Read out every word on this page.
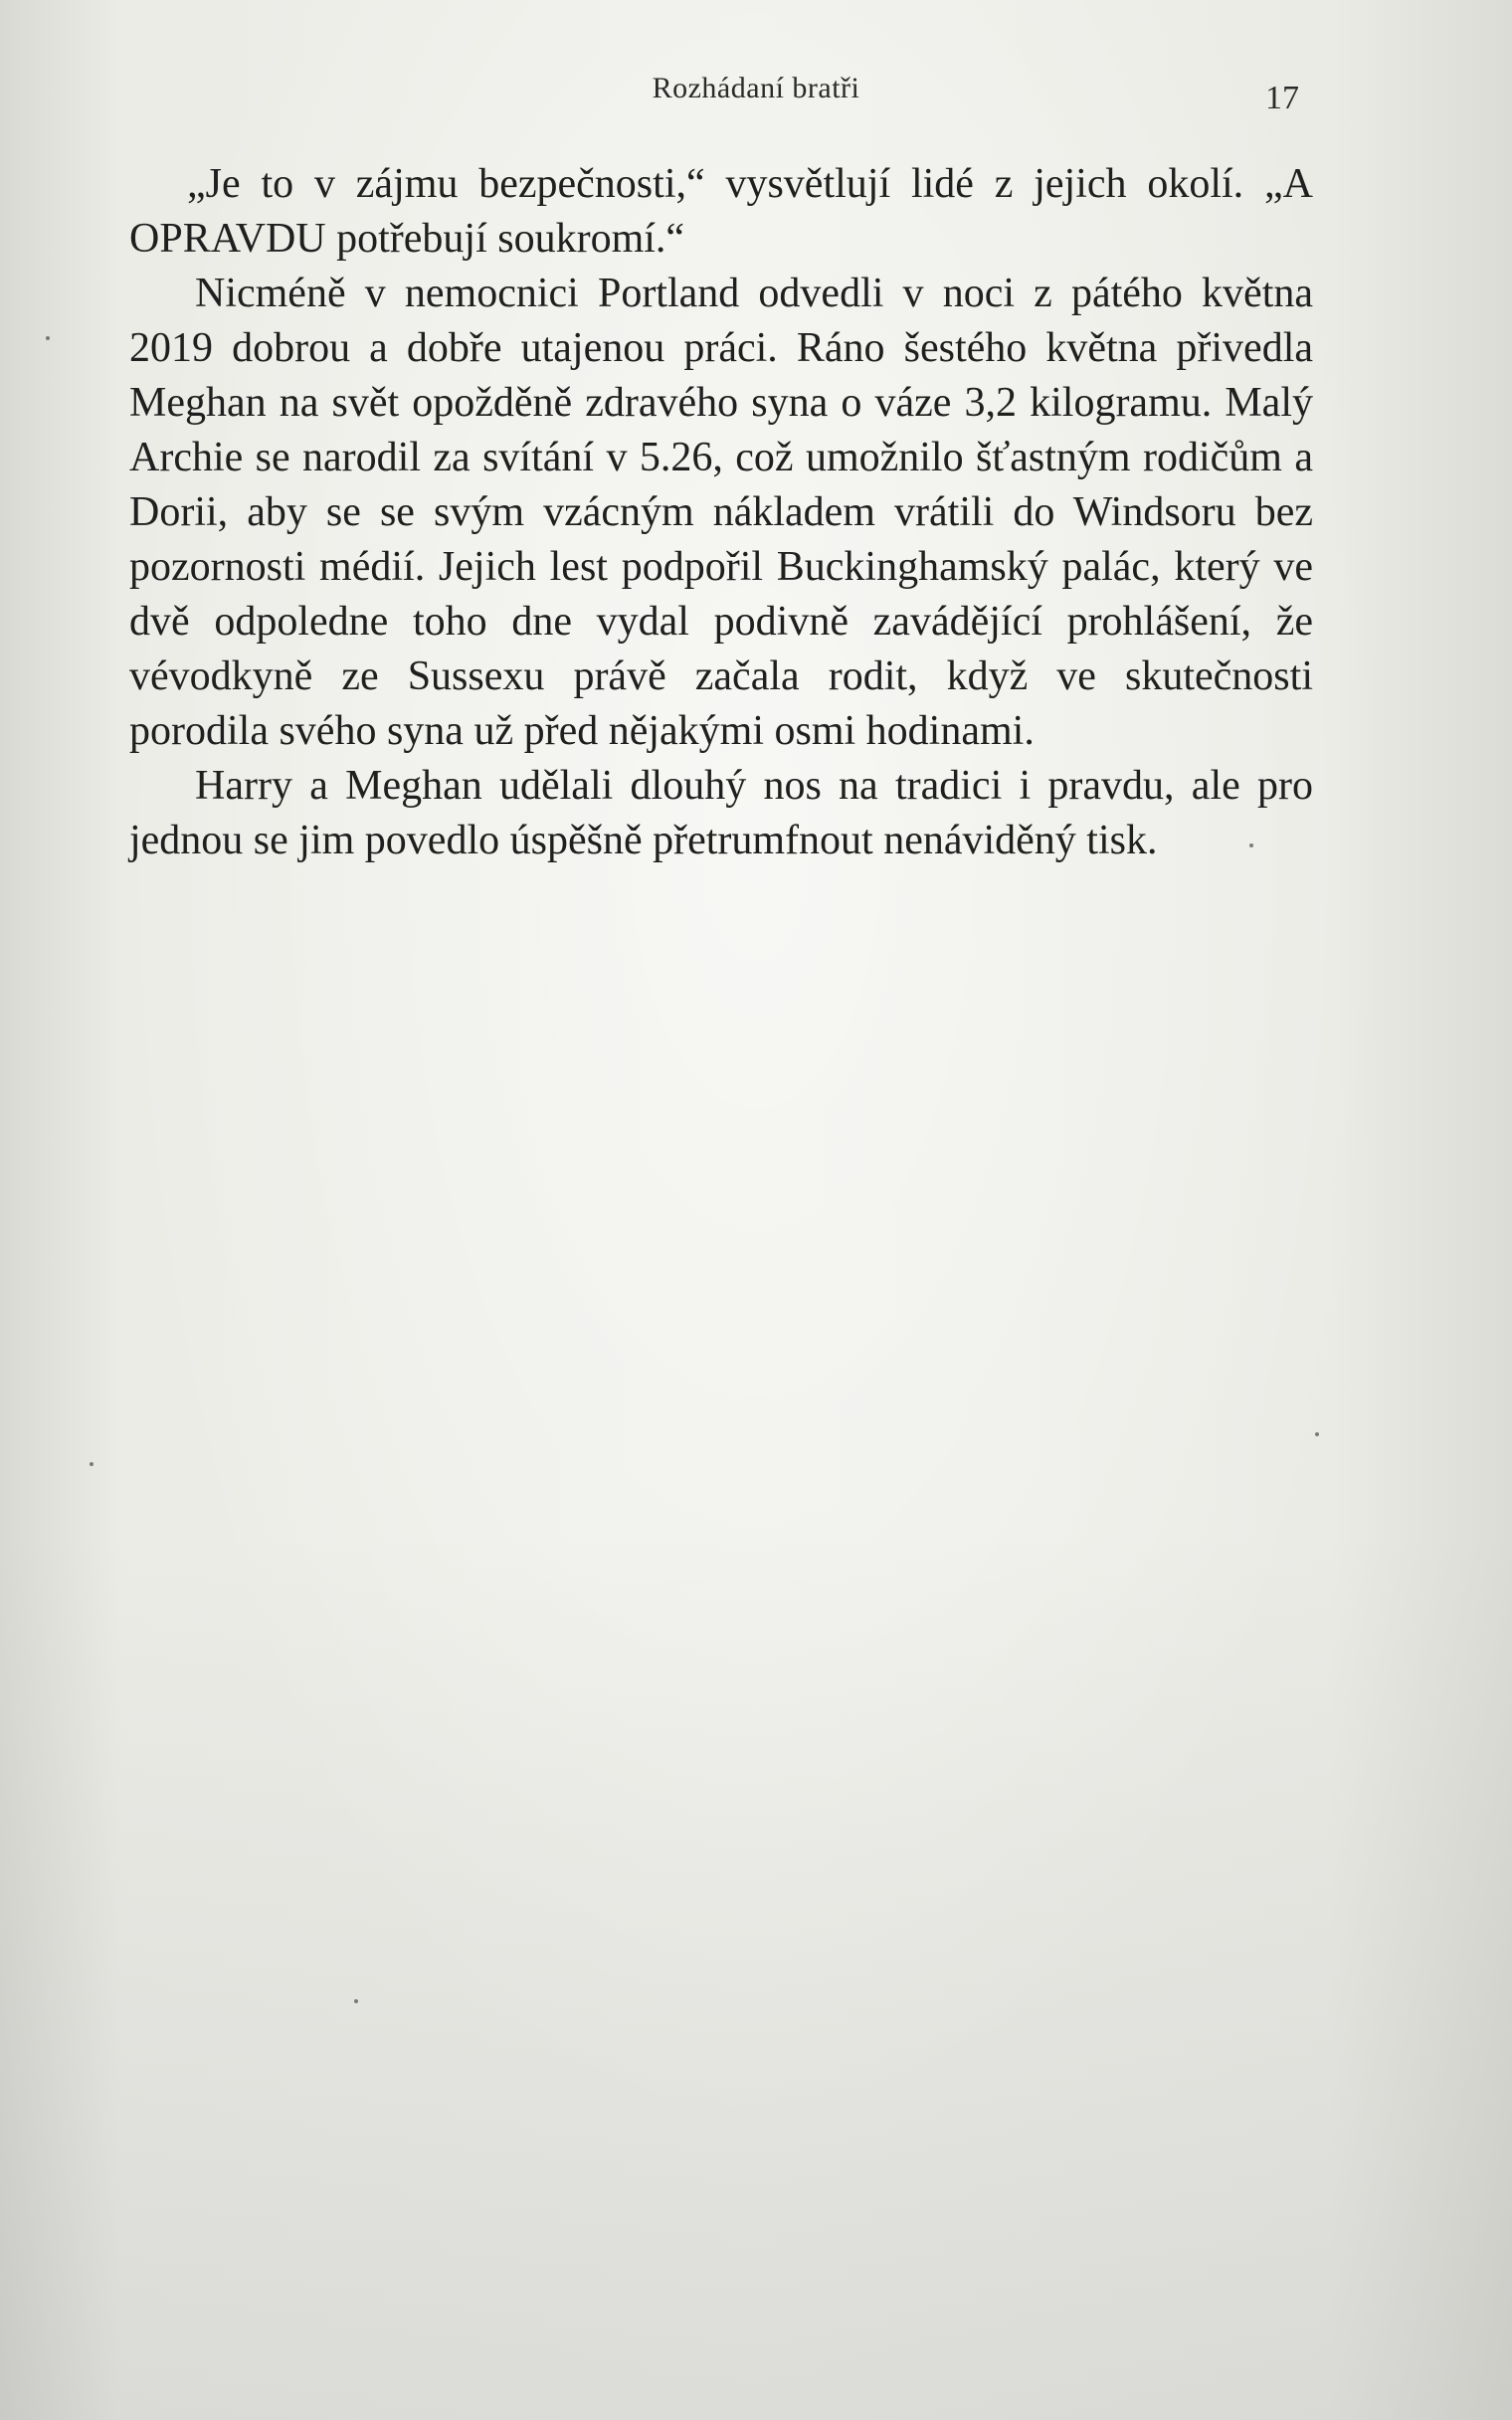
Rozhádaní bratři	17

„Je to v zájmu bezpečnosti,“ vysvětlují lidé z jejich okolí. „A OPRAVDU potřebují soukromí.“

Nicméně v nemocnici Portland odvedli v noci z pátého května 2019 dobrou a dobře utajenou práci. Ráno šestého května přivedla Meghan na svět opožděně zdravého syna o váze 3,2 kilogramu. Malý Archie se narodil za svítání v 5.26, což umožnilo šťastným rodičům a Dorii, aby se se svým vzácným nákladem vrátili do Windsoru bez pozornosti médií. Jejich lest podpořil Buckinghamský palác, který ve dvě odpoledne toho dne vydal podivně zavádějící prohlášení, že vévodkyně ze Sussexu právě začala rodit, když ve skutečnosti porodila svého syna už před nějakými osmi hodinami.

Harry a Meghan udělali dlouhý nos na tradici i pravdu, ale pro jednou se jim povedlo úspěšně přetrumfnout nenáviděný tisk.
